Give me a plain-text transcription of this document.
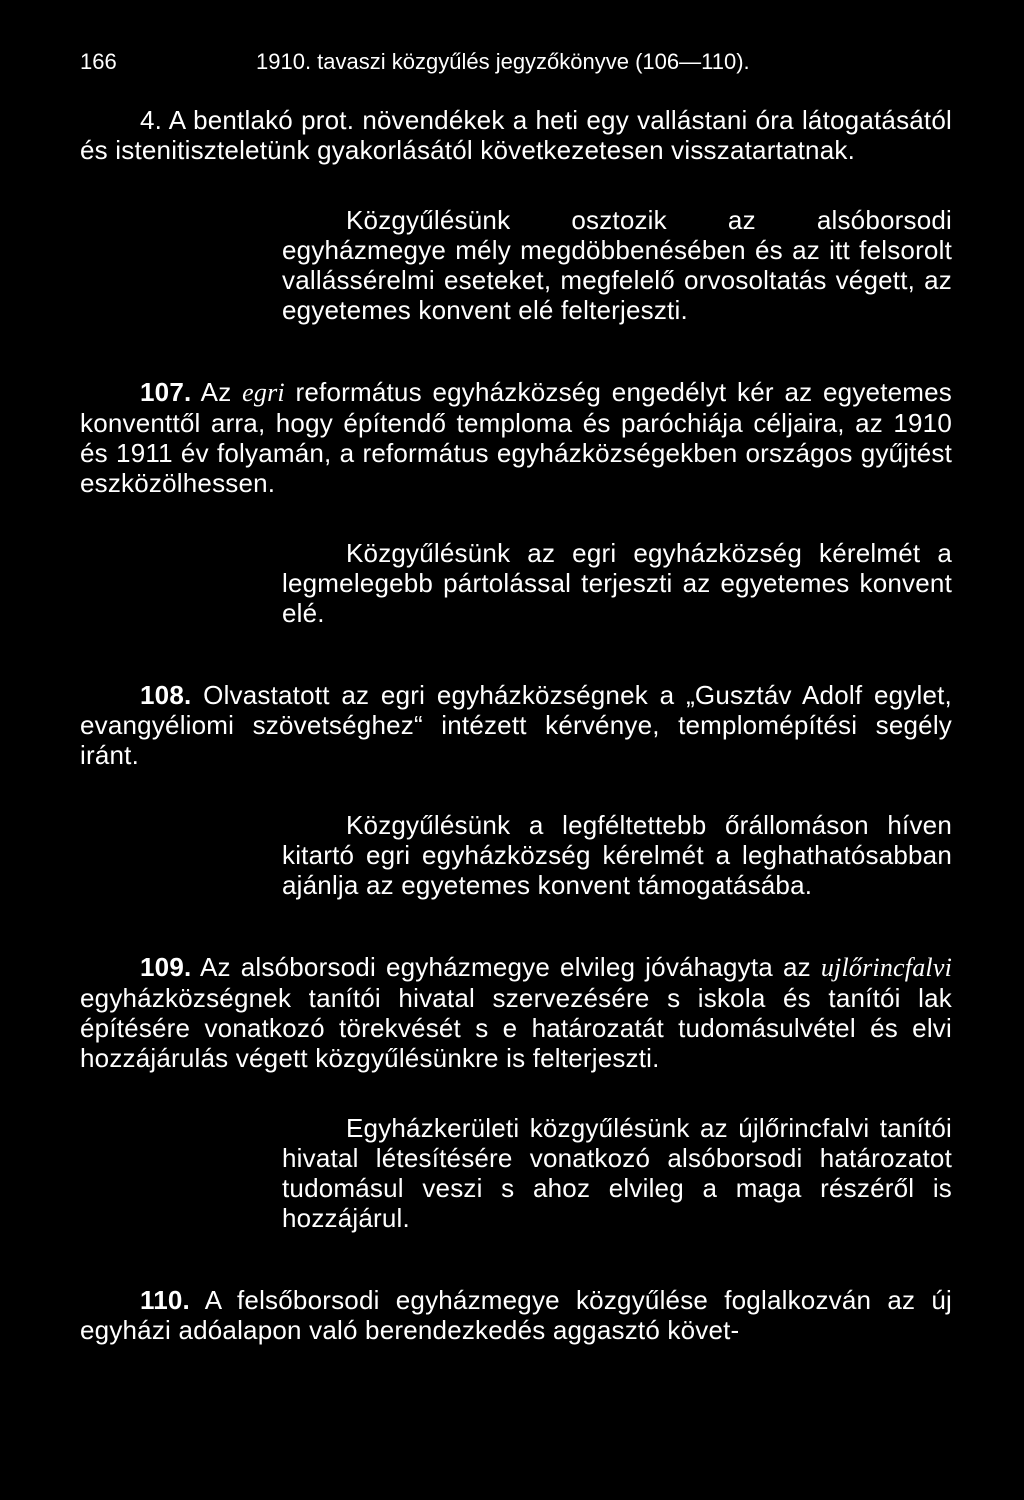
166	1910. tavaszi közgyűlés jegyzőkönyve (106—110).

4. A bentlakó prot. növendékek a heti egy vallástani óra látogatásától és istenitiszteletünk gyakorlásától következetesen visszatartatnak.

Közgyűlésünk osztozik az alsóborsodi egyházmegye mély megdöbbenésében és az itt felsorolt vallássérelmi eseteket, megfelelő orvosoltatás végett, az egyetemes konvent elé felterjeszti.

107. Az egri református egyházközség engedélyt kér az egyetemes konventtől arra, hogy építendő temploma és paróchiája céljaira, az 1910 és 1911 év folyamán, a református egyházközségekben országos gyűjtést eszközölhessen.

Közgyűlésünk az egri egyházközség kérelmét a legmelegebb pártolással terjeszti az egyetemes konvent elé.

108. Olvastatott az egri egyházközségnek a „Gusztáv Adolf egylet, evangyéliomi szövetséghez“ intézett kérvénye, templomépítési segély iránt.

Közgyűlésünk a legféltettebb őrállomáson híven kitartó egri egyházközség kérelmét a leghathatósabban ajánlja az egyetemes konvent támogatásába.

109. Az alsóborsodi egyházmegye elvileg jóváhagyta az ujlőrincfalvi egyházközségnek tanítói hivatal szervezésére s iskola és tanítói lak építésére vonatkozó törekvését s e határozatát tudomásulvétel és elvi hozzájárulás végett közgyűlésünkre is felterjeszti.

Egyházkerületi közgyűlésünk az újlőrincfalvi tanítói hivatal létesítésére vonatkozó alsóborsodi határozatot tudomásul veszi s ahoz elvileg a maga részéről is hozzájárul.

110. A felsőborsodi egyházmegye közgyűlése foglalkozván az új egyházi adóalapon való berendezkedés aggasztó követ-
